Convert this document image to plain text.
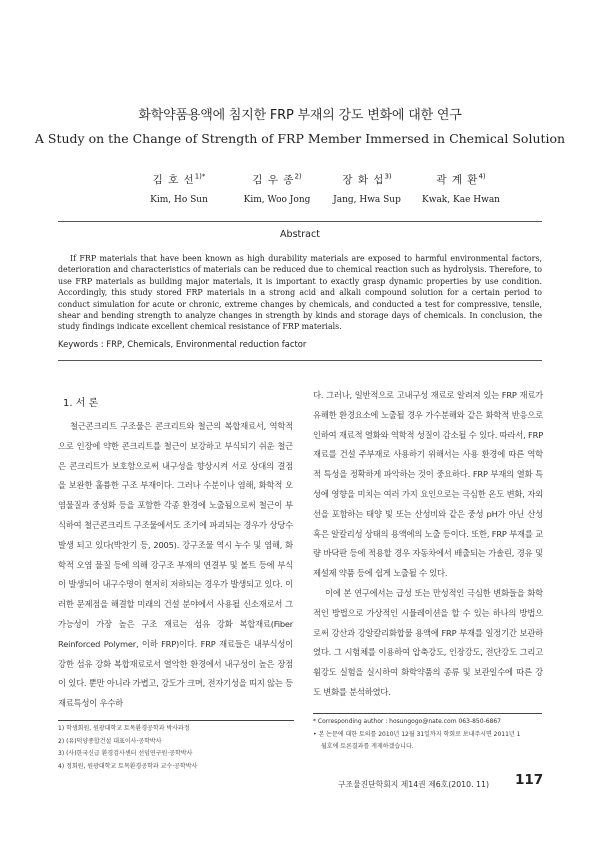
화학약품용액에 침지한 FRP 부재의 강도 변화에 대한 연구
A Study on the Change of Strength of FRP Member Immersed in Chemical Solution
김 호 선$^{1)*}$
Kim, Ho Sun
김 우 종$^{2)}$
Kim, Woo Jong
장 화 섭$^{3)}$
Jang, Hwa Sup
곽 계 환$^{4)}$
Kwak, Kae Hwan
Abstract
If FRP materials that have been known as high durability materials are exposed to harmful environmental factors, deterioration and characteristics of materials can be reduced due to chemical reaction such as hydrolysis. Therefore, to use FRP materials as building major materials, it is important to exactly grasp dynamic properties by use condition. Accordingly, this study stored FRP materials in a strong acid and alkali compound solution for a certain period to conduct simulation for acute or chronic, extreme changes by chemicals, and conducted a test for compressive, tensile, shear and bending strength to analyze changes in strength by kinds and storage days of chemicals. In conclusion, the study findings indicate excellent chemical resistance of FRP materials.
Keywords : FRP, Chemicals, Environmental reduction factor
1. 서 론

철근콘크리트 구조물은 콘크리트와 철근의 복합재료서, 역학적으로 인장에 약한 콘크리트를 철근이 보강하고 부식되기 쉬운 철근은 콘크리트가 보호함으로써 내구성을 향상시켜 서로 상대의 결점을 보완한 훌륭한 구조 부재이다. 그러나 수분이나 염해, 화학적 오염물질과 중성화 등을 포함한 각종 환경에 노출됨으로써 철근이 부식하여 철근콘크리트 구조물에서도 조기에 파괴되는 경우가 상당수 발생 되고 있다(박찬기 등, 2005). 강구조물 역시 누수 및 염해, 화학적 오염 물질 등에 의해 강구조 부재의 연결부 및 볼트 등에 부식이 발생되어 내구수명이 현저히 저하되는 경우가 발생되고 있다. 이러한 문제점을 해결할 미래의 건설 분야에서 사용될 신소재로서 그 가능성이 가장 높은 구조 재료는 섬유 강화 복합재료(Fiber Reinforced Polymer, 이하 FRP)이다. FRP 재료들은 내부식성이 강한 섬유 강화 복합재료로서 열악한 환경에서 내구성이 높은 장점이 있다. 뿐만 아니라 가볍고, 강도가 크며, 전자기성을 띠지 않는 등 재료특성이 우수하

다. 그러나, 일반적으로 고내구성 재료로 알려져 있는 FRP 재료가 유해한 환경요소에 노출될 경우 가수분해와 같은 화학적 반응으로 인하여 재료적 열화와 역학적 성질이 감소될 수 있다. 따라서, FRP 재료를 건설 주부재로 사용하기 위해서는 사용 환경에 따른 역학적 특성을 정확하게 파악하는 것이 중요하다. FRP 부재의 열화 특성에 영향을 미치는 여러 가지 요인으로는 극심한 온도 변화, 자외선을 포함하는 태양 빛 또는 산성비와 같은 중성 pH가 아닌 산성 혹은 알칼리성 상태의 용액에의 노출 등이다. 또한, FRP 부재를 교량 바닥판 등에 적용할 경우 자동차에서 배출되는 가솔린, 경유 및 제설제 약품 등에 쉽게 노출될 수 있다.

이에 본 연구에서는 급성 또는 만성적인 극심한 변화들을 화학적인 방법으로 가상적인 시뮬레이션을 할 수 있는 하나의 방법으로써 강산과 강알칼리화합물 용액에 FRP 부재를 일정기간 보관하였다. 그 시험체를 이용하여 압축강도, 인장강도, 전단강도 그리고 휨강도 실험을 실시하여 화학약품의 종류 및 보관일수에 따른 강도 변화를 분석하였다.

1) 학생회원, 원광대학교 토목환경공학과 박사과정
2) (유)덕양종합건설 대표이사·공학박사
3) (사)한국신급 환경검사센터 선임연구원·공학박사
4) 정회원, 원광대학교 토목환경공학과 교수·공학박사
* Corresponding author : hosungogo@nate.com 063-850-6867
• 본 논문에 대한 토의를 2010년 12월 31일까지 학회로 보내주시면 2011년 1
월호에 토론결과를 게재하겠습니다.
구조물진단학회지 제14권 제6호(2010. 11) 117
